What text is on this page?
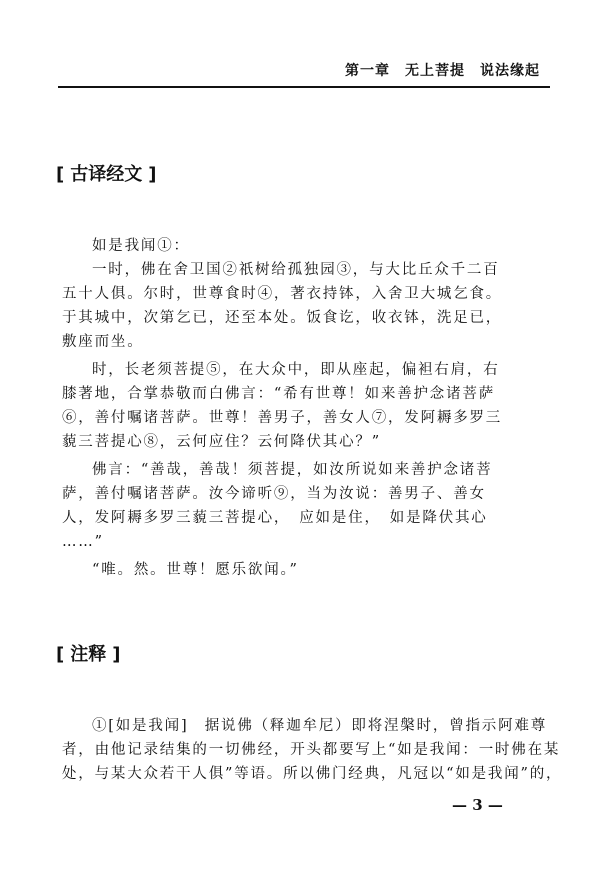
第一章　无上菩提　说法缘起
[ 古译经文 ]
如是我闻①：
一时，佛在舍卫国②祇树给孤独园③，与大比丘众千二百
五十人俱。尔时，世尊食时④，著衣持钵，入舍卫大城乞食。
于其城中，次第乞已，还至本处。饭食讫，收衣钵，洗足已，
敷座而坐。
时，长老须菩提⑤，在大众中，即从座起，偏袒右肩，右
膝著地，合掌恭敬而白佛言：“希有世尊！如来善护念诸菩萨
⑥，善付嘱诸菩萨。世尊！善男子，善女人⑦，发阿耨多罗三
藐三菩提心⑧，云何应住？云何降伏其心？”
佛言：“善哉，善哉！须菩提，如汝所说如来善护念诸菩
萨，善付嘱诸菩萨。汝今谛听⑨，当为汝说：善男子、善女
人，发阿耨多罗三藐三菩提心，　应如是住，　如是降伏其心
……”
“唯。然。世尊！愿乐欲闻。”
[ 注释 ]
①[如是我闻]　据说佛（释迦牟尼）即将涅槃时，曾指示阿难尊
者，由他记录结集的一切佛经，开头都要写上“如是我闻：一时佛在某
处，与某大众若干人俱”等语。所以佛门经典，凡冠以“如是我闻”的，
— 3 —
